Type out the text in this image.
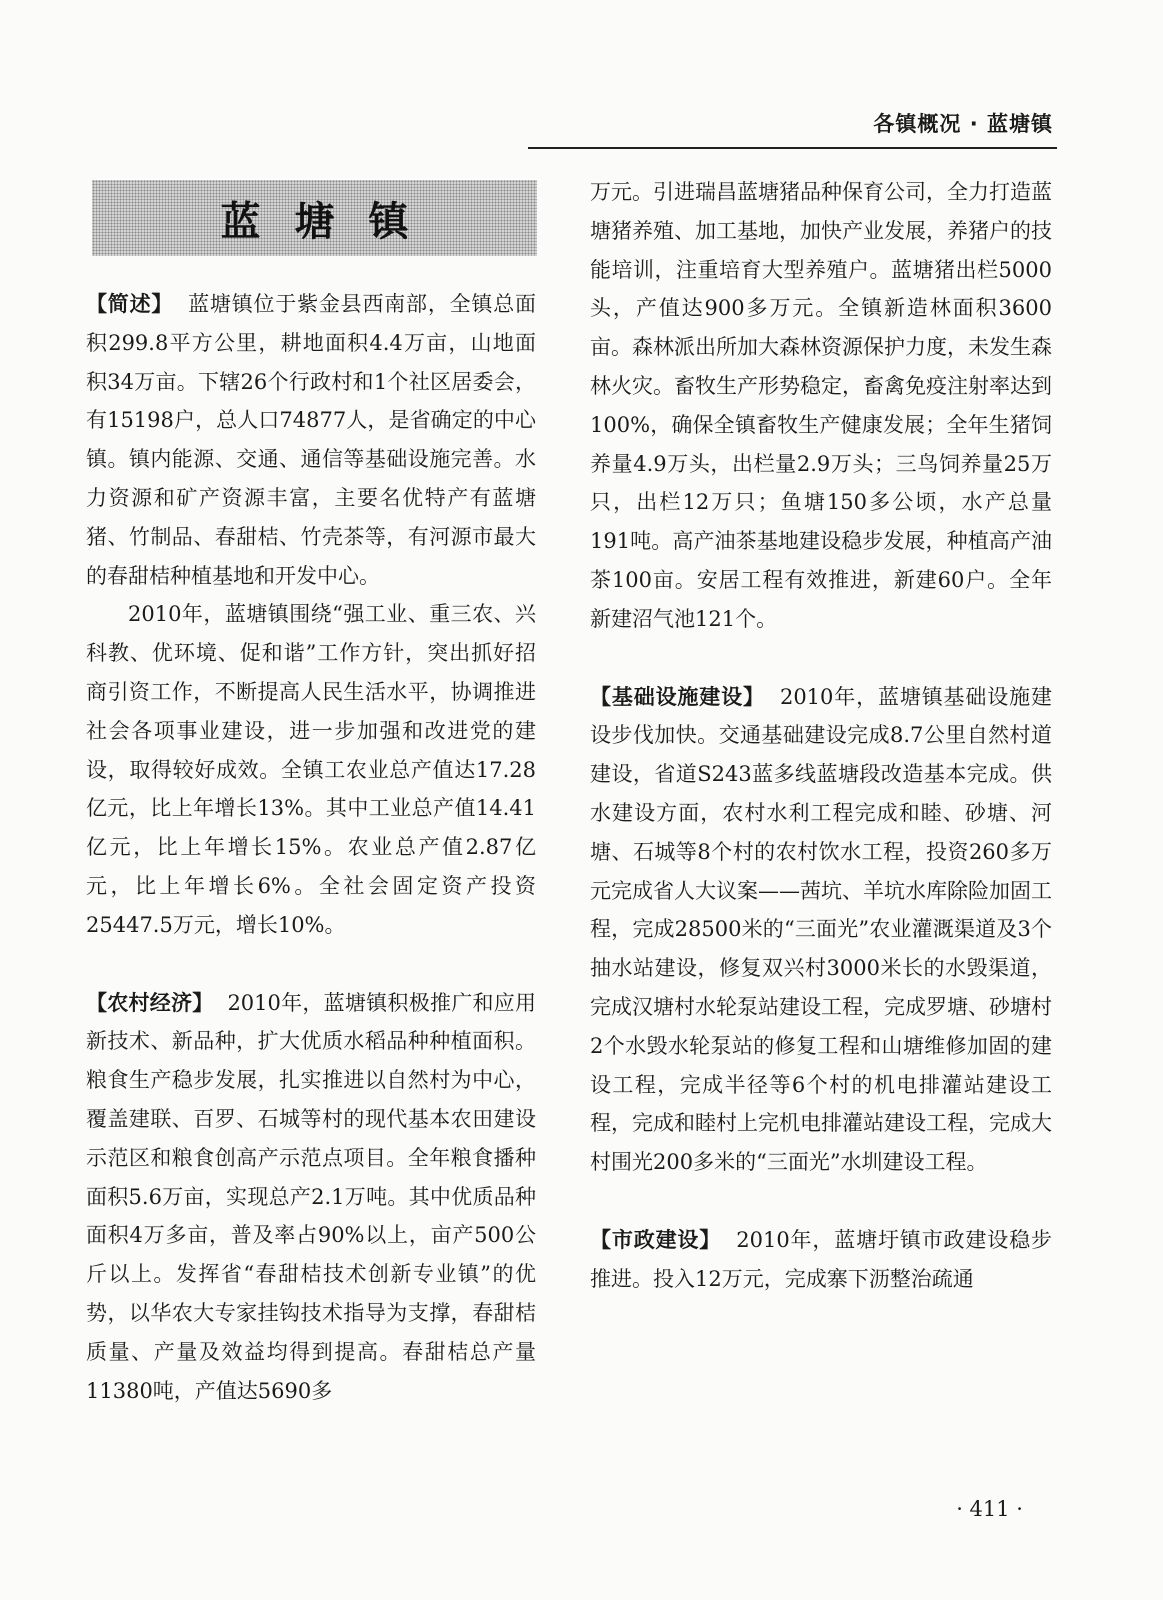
各镇概况 · 蓝塘镇
蓝塘镇

【简述】 蓝塘镇位于紫金县西南部，全镇总面积299.8平方公里，耕地面积4.4万亩，山地面积34万亩。下辖26个行政村和1个社区居委会，有15198户，总人口74877人，是省确定的中心镇。镇内能源、交通、通信等基础设施完善。水力资源和矿产资源丰富，主要名优特产有蓝塘猪、竹制品、春甜桔、竹壳茶等，有河源市最大的春甜桔种植基地和开发中心。

2010年，蓝塘镇围绕“强工业、重三农、兴科教、优环境、促和谐”工作方针，突出抓好招商引资工作，不断提高人民生活水平，协调推进社会各项事业建设，进一步加强和改进党的建设，取得较好成效。全镇工农业总产值达17.28亿元，比上年增长13%。其中工业总产值14.41亿元，比上年增长15%。农业总产值2.87亿元，比上年增长6%。全社会固定资产投资25447.5万元，增长10%。

【农村经济】 2010年，蓝塘镇积极推广和应用新技术、新品种，扩大优质水稻品种种植面积。粮食生产稳步发展，扎实推进以自然村为中心，覆盖建联、百罗、石城等村的现代基本农田建设示范区和粮食创高产示范点项目。全年粮食播种面积5.6万亩，实现总产2.1万吨。其中优质品种面积4万多亩，普及率占90%以上，亩产500公斤以上。发挥省“春甜桔技术创新专业镇”的优势，以华农大专家挂钩技术指导为支撑，春甜桔质量、产量及效益均得到提高。春甜桔总产量11380吨，产值达5690多

万元。引进瑞昌蓝塘猪品种保育公司，全力打造蓝塘猪养殖、加工基地，加快产业发展，养猪户的技能培训，注重培育大型养殖户。蓝塘猪出栏5000头，产值达900多万元。全镇新造林面积3600亩。森林派出所加大森林资源保护力度，未发生森林火灾。畜牧生产形势稳定，畜禽免疫注射率达到100%，确保全镇畜牧生产健康发展；全年生猪饲养量4.9万头，出栏量2.9万头；三鸟饲养量25万只，出栏12万只；鱼塘150多公顷，水产总量191吨。高产油茶基地建设稳步发展，种植高产油茶100亩。安居工程有效推进，新建60户。全年新建沼气池121个。

【基础设施建设】 2010年，蓝塘镇基础设施建设步伐加快。交通基础建设完成8.7公里自然村道建设，省道S243蓝多线蓝塘段改造基本完成。供水建设方面，农村水利工程完成和睦、砂塘、河塘、石城等8个村的农村饮水工程，投资260多万元完成省人大议案——茜坑、羊坑水库除险加固工程，完成28500米的“三面光”农业灌溉渠道及3个抽水站建设，修复双兴村3000米长的水毁渠道，完成汉塘村水轮泵站建设工程，完成罗塘、砂塘村2个水毁水轮泵站的修复工程和山塘维修加固的建设工程，完成半径等6个村的机电排灌站建设工程，完成和睦村上完机电排灌站建设工程，完成大村围光200多米的“三面光”水圳建设工程。

【市政建设】 2010年，蓝塘圩镇市政建设稳步推进。投入12万元，完成寨下沥整治疏通

· 411 ·
